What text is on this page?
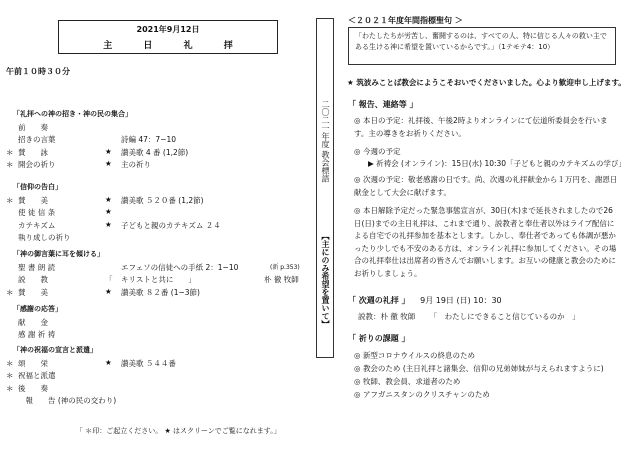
2021年9月12日
主 日 礼 拝
午前１０時３０分
「礼拝への神の招き・神の民の集合」
前　　奏
招きの言葉	詩編 47：7−10
＊ 賛　　詠	★ 讃美歌 4 番 (1,2節)
＊ 開会の祈り	★ 主の祈り
「信仰の告白」
＊ 賛　　美	★ 讃美歌 ５２０番 (1,2節)
使 徒 信 条	★
カテキズム	★ 子どもと親のカテキズム ２４
執り成しの祈り
「神の御言葉に耳を傾ける」
聖 書 朗 読	エフェソの信徒への手紙 2：1−10	(新 p.353)
説　　教	「 キリストと共に　　」	朴 徹 牧師
＊ 賛　　美	★ 讃美歌 ８２番 (1−3節)
「感謝の応答」
献　　金
感 謝 祈 祷
「神の祝福の宣言と派遣」
＊ 頌　　栄	★ 讃美歌 ５４４番
＊ 祝福と派遣
＊ 後　　奏
　報　　告 (神の民の交わり)
「 ＊印：ご起立ください。 ★ はスクリーンでご覧になれます。」
二〇二一年度 教会標語
【主にのみ希望を置いて】
＜２０２１年度年間指標聖句 ＞
「わたしたちが労苦し、奮闘するのは、すべての人、特に信じる人々の救い主である生ける神に希望を置いているからです。」（1テモテ4：10）
★ 筑波みことば教会にようこそおいでくださいました。心より歓迎申し上げます。
「 報告、連絡等 」
◎ 本日の予定：礼拝後、午後2時よりオンラインにて伝道所委員会を行います。主の導きをお祈りください。
◎ 今週の予定
▶ 祈祷会 (オンライン)：15日(水) 10:30「子どもと親のカテキズムの学び」
◎ 次週の予定：敬老感謝の日です。尚、次週の礼拝献金から１万円を、謝恩日献金として大会に献げます。
◎ 本日解除予定だった緊急事態宣言が、30日(木)まで延長されましたので26日(日)までの主日礼拝は、これまで通り、説教者と奉仕者以外はライブ配信による自宅での礼拝参加を基本とします。しかし、奉仕者であっても体調が悪かったり少しでも不安のある方は、オンライン礼拝に参加してください。その場合の礼拝奉仕は出席者の皆さんでお願いします。お互いの健康と教会のためにお祈りしましょう。
「 次週の礼拝 」 9月 19日 (日) 10：30
説教：朴 徹 牧師 「　わたしにできること信じているのか　」
「 祈りの課題 」
◎ 新型コロナウイルスの終息のため
◎ 教会のため (主日礼拝と諸集会、信仰の兄弟姉妹が与えられますように)
◎ 牧師、教会員、求道者のため
◎ アフガニスタンのクリスチャンのため
